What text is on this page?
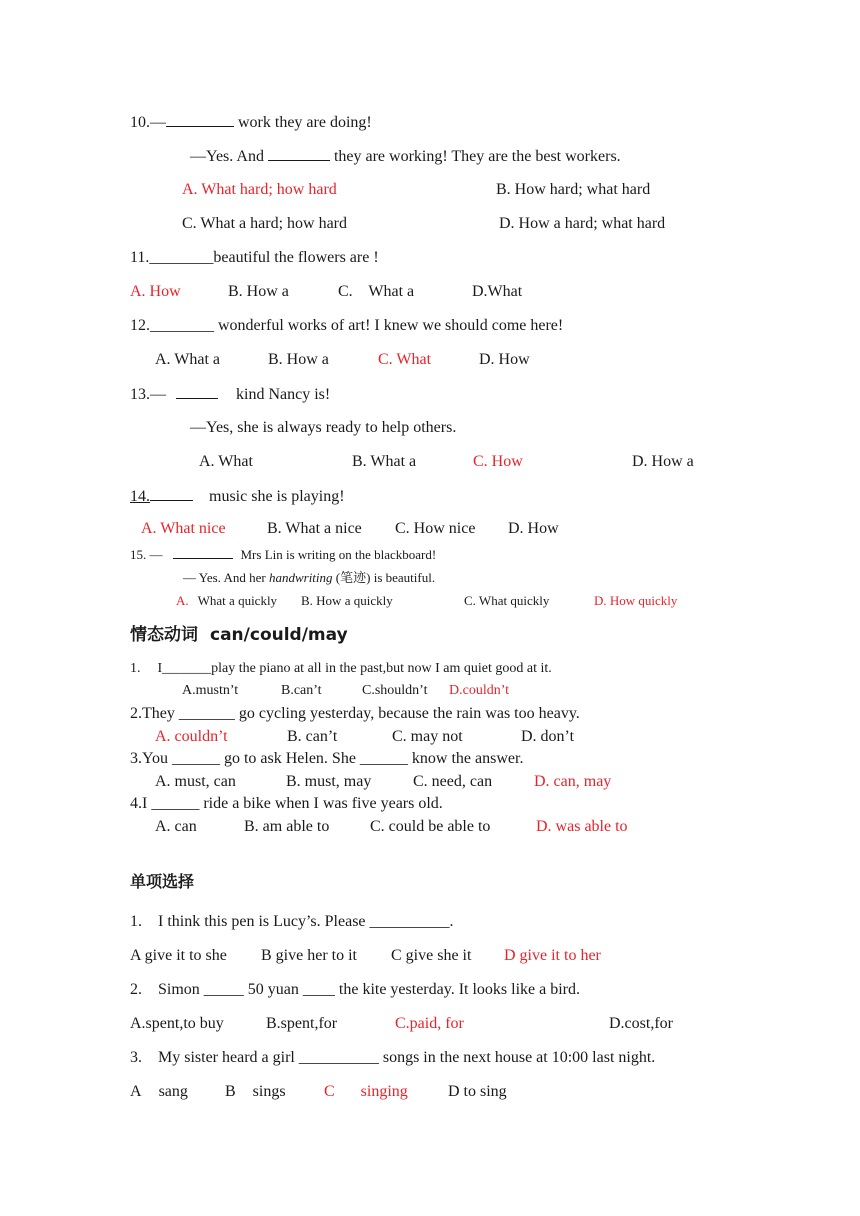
10.—	work they are doing!
—Yes. And	they are working! They are the best workers.
A. What hard; how hard	B. How hard; what hard
C. What a hard; how hard	D. How a hard; what hard
11.________beautiful the flowers are !
A. How	B. How a	C.    What a	D.What
12.________ wonderful works of art! I knew we should come here!
A. What a	B. How a	C. What	D. How
13.—	kind Nancy is!
—Yes, she is always ready to help others.
A. What	B. What a	C. How	D. How a
14.	music she is playing!
A. What nice	B. What a nice C. How nice D. How
15. —	Mrs Lin is writing on the blackboard!
— Yes. And her handwriting (笔迹) is beautiful.
A. What a quickly B. How a quickly	C. What quickly	D. How quickly
情态动词 can/could/may
1. I_______play the piano at all in the past,but now I am quiet good at it.
A.mustn’t	B.can’t	C.shouldn’t D.couldn’t
2.They _______ go cycling yesterday, because the rain was too heavy.
A. couldn’t	B. can’t	C. may not	D. don’t
3.You ______ go to ask Helen. She ______ know the answer.
A. must, can	B. must, may	C. need, can	D. can, may
4.I ______ ride a bike when I was five years old.
A. can	B. am able to	C. could be able to	D. was able to
单项选择
1. I think this pen is Lucy’s. Please __________.
A give it to she B give her to it C give she it D give it to her
2. Simon _____ 50 yuan ____ the kite yesterday. It looks like a bird.
A.spent,to buy	B.spent,for	C.paid, for	D.cost,for
3. My sister heard a girl __________ songs in the next house at 10:00 last night.
A sang B sings C singing	D to sing
